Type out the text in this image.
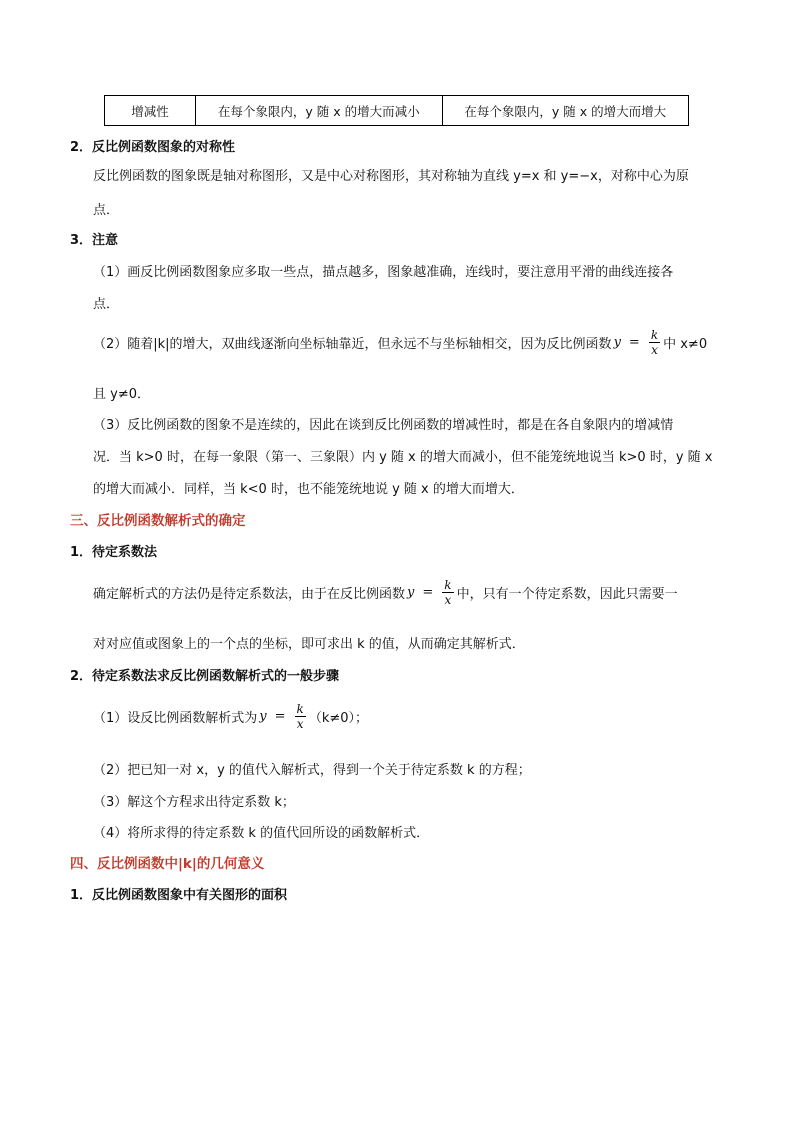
增减性	在每个象限内，y 随 x 的增大而减小	在每个象限内，y 随 x 的增大而增大
2．反比例函数图象的对称性
反比例函数的图象既是轴对称图形，又是中心对称图形，其对称轴为直线 y=x 和 y=−x，对称中心为原
点．
3．注意
（1）画反比例函数图象应多取一些点，描点越多，图象越准确，连线时，要注意用平滑的曲线连接各
点．
（2）随着|k|的增大，双曲线逐渐向坐标轴靠近，但永远不与坐标轴相交，因为反比例函数 $y = \frac{k}{x}$ 中 x≠0
且 y≠0．
（3）反比例函数的图象不是连续的，因此在谈到反比例函数的增减性时，都是在各自象限内的增减情
况．当 k>0 时，在每一象限（第一、三象限）内 y 随 x 的增大而减小，但不能笼统地说当 k>0 时，y 随 x
的增大而减小．同样，当 k<0 时，也不能笼统地说 y 随 x 的增大而增大．
三、反比例函数解析式的确定
1．待定系数法
确定解析式的方法仍是待定系数法，由于在反比例函数 $y = \frac{k}{x}$ 中，只有一个待定系数，因此只需要一
对对应值或图象上的一个点的坐标，即可求出 k 的值，从而确定其解析式．
2．待定系数法求反比例函数解析式的一般步骤
（1）设反比例函数解析式为 $y = \frac{k}{x} (k\ne 0)$；
（2）把已知一对 x，y 的值代入解析式，得到一个关于待定系数 k 的方程；
（3）解这个方程求出待定系数 k；
（4）将所求得的待定系数 k 的值代回所设的函数解析式．
四、反比例函数中|k|的几何意义
1．反比例函数图象中有关图形的面积
